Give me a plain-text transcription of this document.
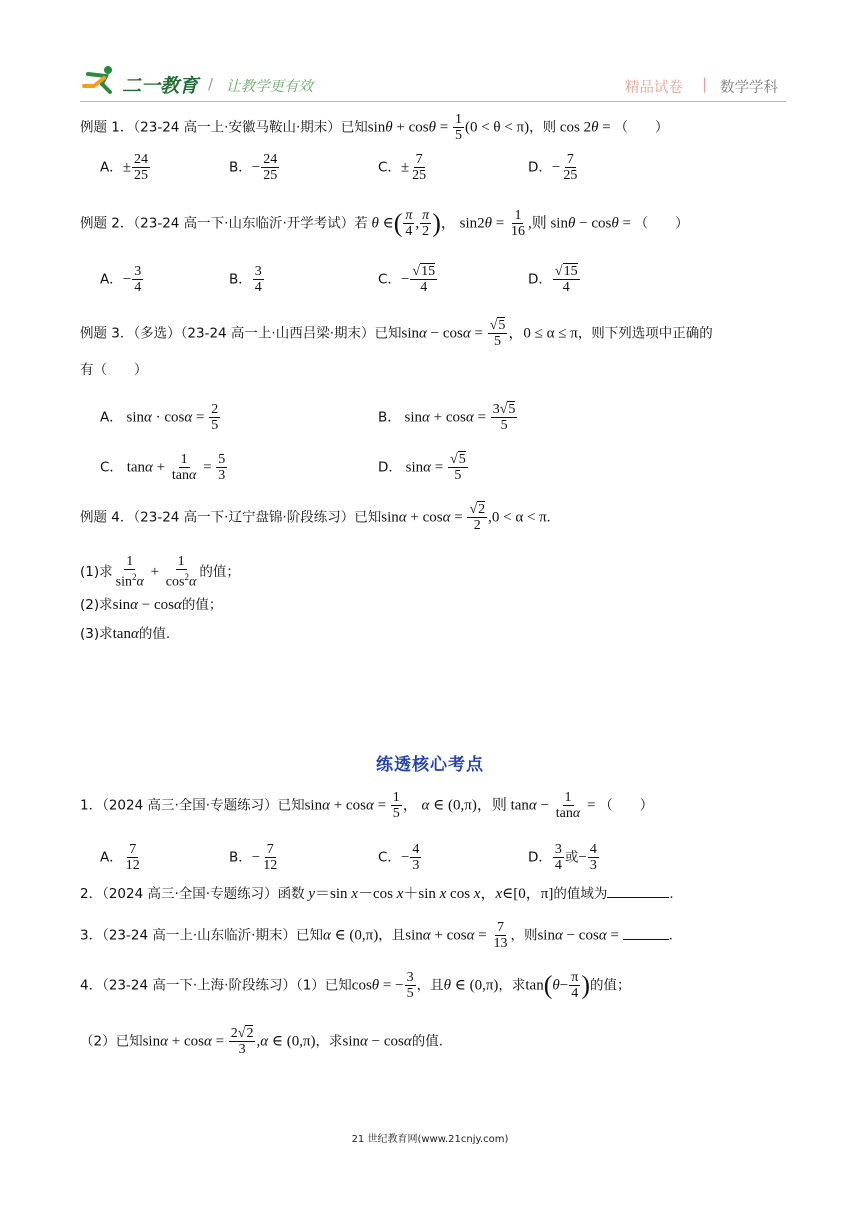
二一教育 / 让教学更有效	精品试卷 | 数学学科
例题 1．（23-24 高一上·安徽马鞍山·期末）已知$\sin\theta + \cos\theta = \frac{1}{5} (0 < \theta < \pi)$，则 cos 2θ = （　　）
A．± $\frac{24}{25}$	B．− $\frac{24}{25}$	C．± $\frac{7}{25}$	D．− $\frac{7}{25}$
例题 2．（23-24 高一下·山东临沂·开学考试）若 θ ∈( $\frac{\pi}{4}$ , $\frac{\pi}{2}$ )， $\sin 2\theta = \frac{1}{16}$ ,则 sinθ − cosθ = （　　）
A．− $\frac{3}{4}$	B． $\frac{3}{4}$	C．− $\frac{√15}{4}$	D． $\frac{√15}{4}$
例题 3．（多选）（23-24 高一上·山西吕梁·期末）已知$\sin\alpha - \cos\alpha = \frac{√5}{5}$ ，0 ≤ α ≤ π，则下列选项中正确的
有（　　）
A． $\sin\alpha \cdot \cos\alpha = \frac{2}{5}$	B． $\sin\alpha + \cos\alpha = \frac{3√5}{5}$
C． $\tan\alpha + \frac{1}{\tan\alpha} = \frac{5}{3}$	D． $\sin\alpha = \frac{√5}{5}$
例题 4．（23-24 高一下·辽宁盘锦·阶段练习）已知$\sin\alpha + \cos\alpha = \frac{√2}{2} ,0 < \alpha < \pi$.
(1)求 $\frac{1}{\sin^2\alpha} + \frac{1}{\cos^2\alpha}$ 的值；
(2)求sinα − cosα的值；
(3)求tanα的值.
练透核心考点
1．（2024 高三·全国·专题练习）已知$\sin\alpha + \cos\alpha = \frac{1}{5}$ ， α ∈ (0,π)，则 $\tan\alpha - \frac{1}{\tan\alpha}$ = （　　）
A． $\frac{7}{12}$	B．− $\frac{7}{12}$	C．− $\frac{4}{3}$	D． $\frac{3}{4}$ 或− $\frac{4}{3}$
2．（2024 高三·全国·专题练习）函数 y＝sin x－cos x＋sin x cos x，x∈[0，π]的值域为	.
3．（23-24 高一上·山东临沂·期末）已知α ∈ (0,π)，且$\sin\alpha + \cos\alpha = \frac{7}{13}$ ，则sinα − cosα =	.
4．（23-24 高一下·上海·阶段练习）（1）已知cosθ = − $\frac{3}{5}$ ，且θ ∈ (0,π)，求$\tan(\theta- \frac{\pi}{4}$ )的值；
（2）已知$\sin\alpha + \cos\alpha = \frac{2√2}{3} ,\alpha$ ∈ (0,π)，求sinα − cosα的值.
21 世纪教育网(www.21cnjy.com)
